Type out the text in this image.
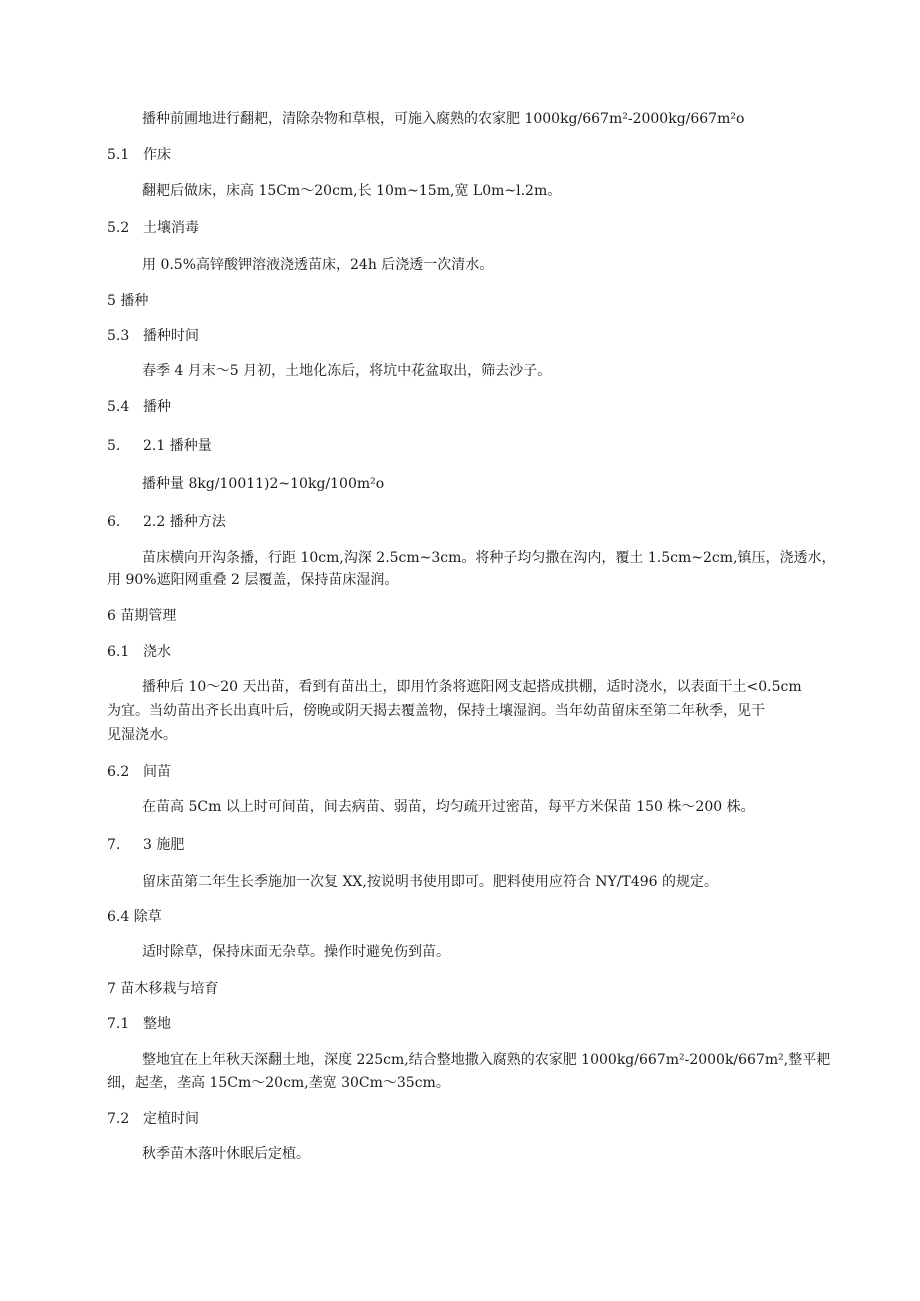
播种前圃地进行翻耙，清除杂物和草根，可施入腐熟的农家肥 1000kg∕667m²-2000kg∕667m²o
5.1 作床
翻耙后做床，床高 15Cm～20cm,长 10m~15m,宽 L0m~l.2m。
5.2 土壤消毒
用 0.5%高锌酸钾溶液浇透苗床，24h 后浇透一次清水。
5 播种
5.3 播种时间
春季 4 月末～5 月初，土地化冻后，将坑中花盆取出，筛去沙子。
5.4 播种
5. 2.1 播种量
播种量 8kg∕10011)2~10kg/100m²o
6. 2.2 播种方法
苗床横向开沟条播，行距 10cm,沟深 2.5cm~3cm。将种子均匀撒在沟内，覆土 1.5cm~2cm,镇压，浇透水，
用 90%遮阳网重叠 2 层覆盖，保持苗床湿润。
6 苗期管理
6.1 浇水
播种后 10～20 天出苗，看到有苗出土，即用竹条将遮阳网支起搭成拱棚，适时浇水，以表面干土<0.5cm
为宜。当幼苗出齐长出真叶后，傍晚或阴天揭去覆盖物，保持土壤湿润。当年幼苗留床至第二年秋季，见干
见湿浇水。
6.2 间苗
在苗高 5Cm 以上时可间苗，间去病苗、弱苗，均匀疏开过密苗，每平方米保苗 150 株～200 株。
7. 3 施肥
留床苗第二年生长季施加一次复 XX,按说明书使用即可。肥料使用应符合 NY/T496 的规定。
6.4 除草
适时除草，保持床面无杂草。操作时避免伤到苗。
7 苗木移栽与培育
7.1 整地
整地宜在上年秋天深翻土地，深度 225cm,结合整地撒入腐熟的农家肥 1000kg/667m²-2000k∕667m²,整平耙
细，起垄，垄高 15Cm～20cm,垄宽 30Cm～35cm。
7.2 定植时间
秋季苗木落叶休眠后定植。
